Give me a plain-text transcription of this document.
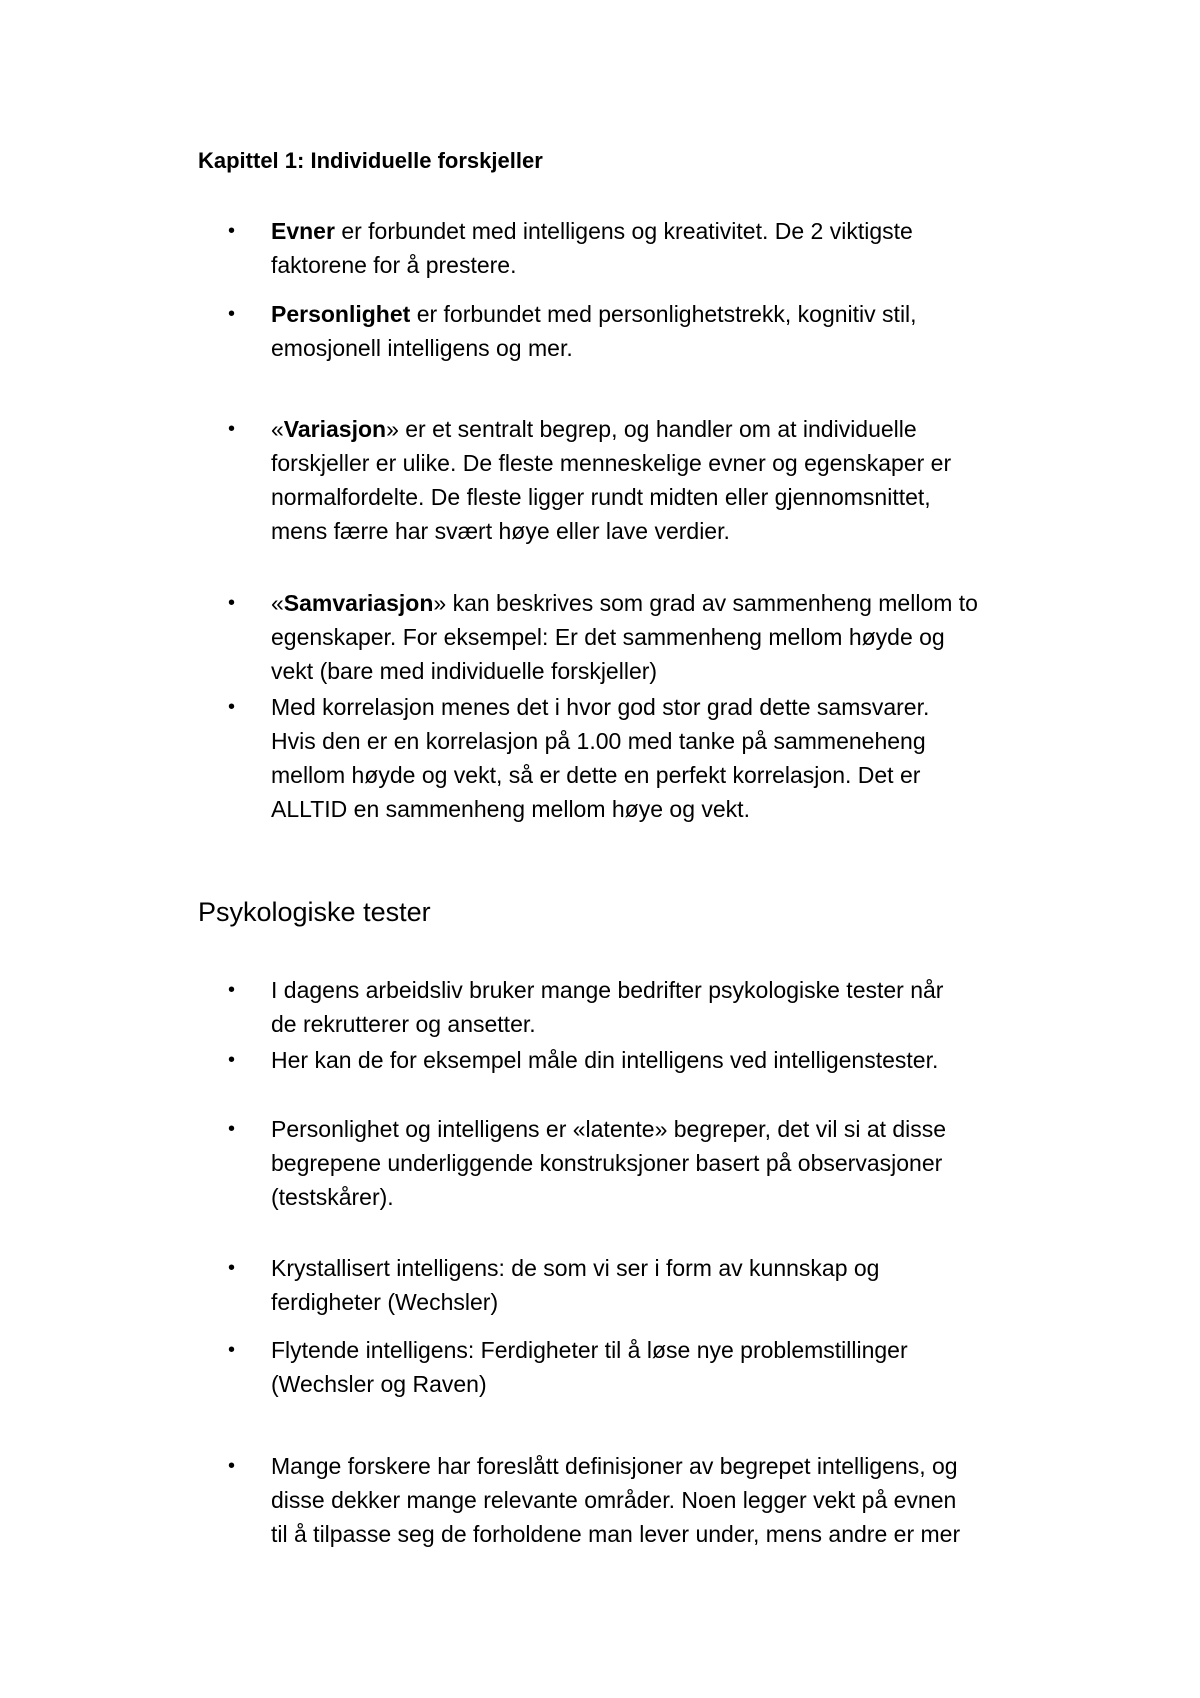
Kapittel 1: Individuelle forskjeller
•	Evner er forbundet med intelligens og kreativitet. De 2 viktigste

faktorene for å prestere.

•	Personlighet er forbundet med personlighetstrekk, kognitiv stil,

emosjonell intelligens og mer.

•	«Variasjon» er et sentralt begrep, og handler om at individuelle

forskjeller er ulike. De fleste menneskelige evner og egenskaper er

normalfordelte. De fleste ligger rundt midten eller gjennomsnittet,

mens færre har svært høye eller lave verdier.

•	«Samvariasjon» kan beskrives som grad av sammenheng mellom to

egenskaper. For eksempel: Er det sammenheng mellom høyde og

vekt (bare med individuelle forskjeller)

•	Med korrelasjon menes det i hvor god stor grad dette samsvarer.

Hvis den er en korrelasjon på 1.00 med tanke på sammeneheng

mellom høyde og vekt, så er dette en perfekt korrelasjon. Det er

ALLTID en sammenheng mellom høye og vekt.

Psykologiske tester
•	I dagens arbeidsliv bruker mange bedrifter psykologiske tester når

de rekrutterer og ansetter.

•	Her kan de for eksempel måle din intelligens ved intelligenstester.

•	Personlighet og intelligens er «latente» begreper, det vil si at disse

begrepene underliggende konstruksjoner basert på observasjoner

(testskårer).

•	Krystallisert intelligens: de som vi ser i form av kunnskap og

ferdigheter (Wechsler)

•	Flytende intelligens: Ferdigheter til å løse nye problemstillinger

(Wechsler og Raven)

•	Mange forskere har foreslått definisjoner av begrepet intelligens, og

disse dekker mange relevante områder. Noen legger vekt på evnen

til å tilpasse seg de forholdene man lever under, mens andre er mer
